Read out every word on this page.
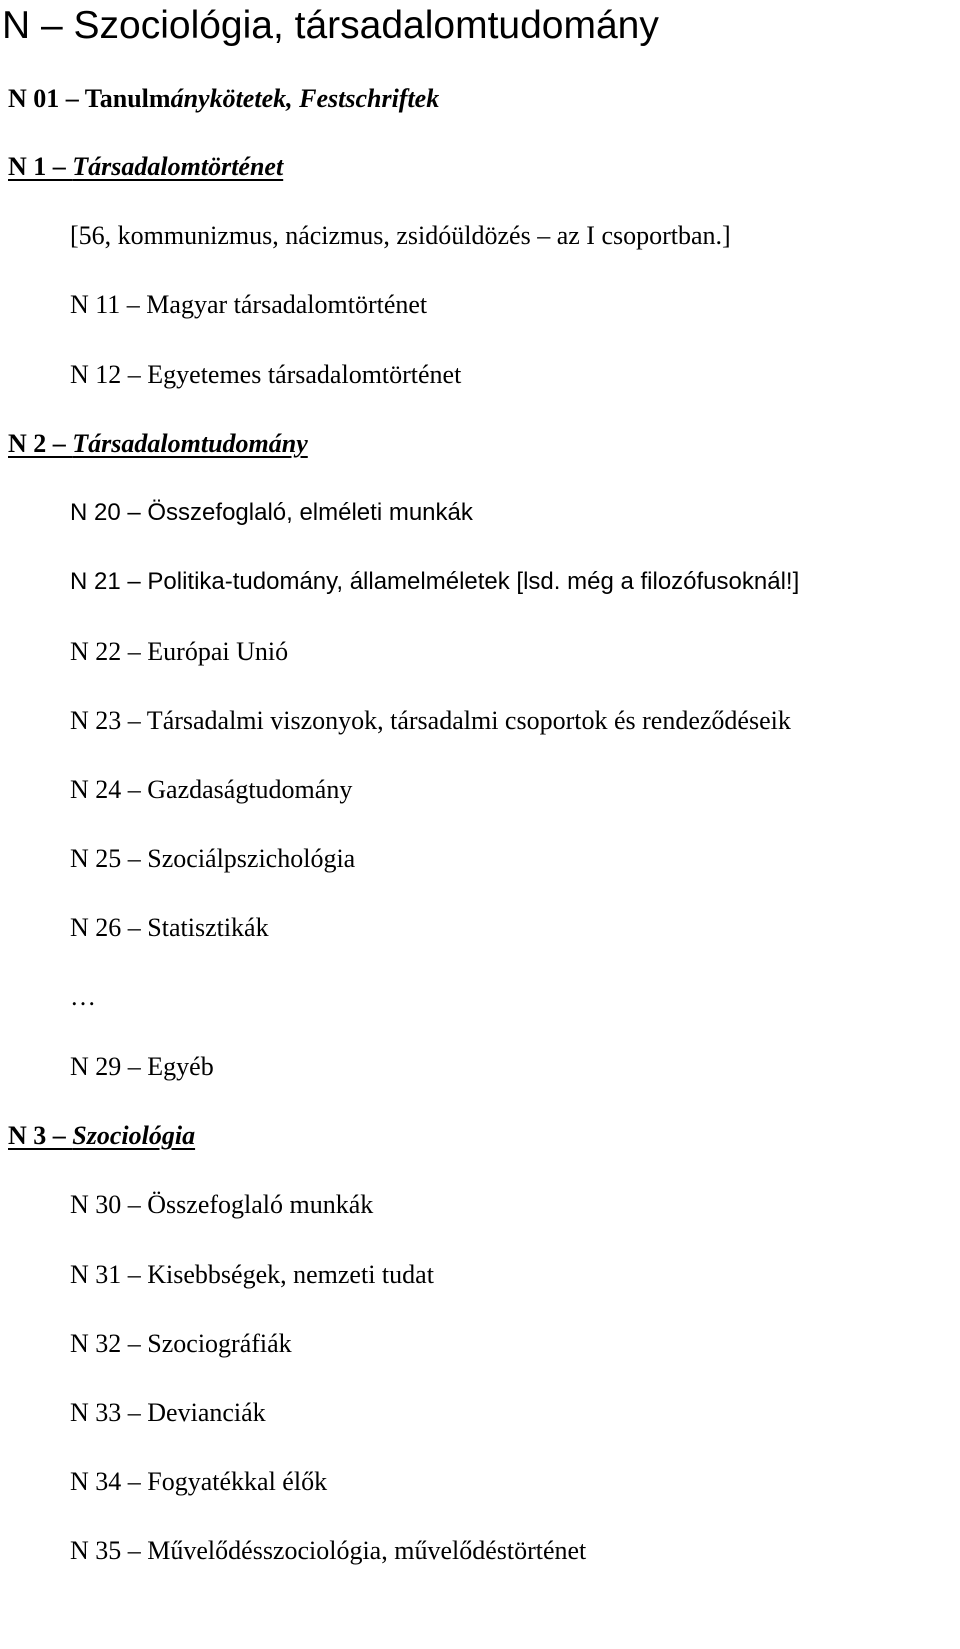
N – Szociológia, társadalomtudomány
N 01 – Tanulmánykötetek, Festschriftek
N 1 – Társadalomtörténet
[56, kommunizmus, nácizmus, zsidóüldözés – az I csoportban.]
N 11 – Magyar társadalomtörténet
N 12 – Egyetemes társadalomtörténet
N 2 – Társadalomtudomány
N 20 – Összefoglaló, elméleti munkák
N 21 – Politika-tudomány, államelméletek [lsd. még a filozófusoknál!]
N 22 – Európai Unió
N 23 – Társadalmi viszonyok, társadalmi csoportok és rendeződéseik
N 24 – Gazdaságtudomány
N 25 – Szociálpszichológia
N 26 – Statisztikák
…
N 29 – Egyéb
N 3 – Szociológia
N 30 – Összefoglaló munkák
N 31 – Kisebbségek, nemzeti tudat
N 32 – Szociográfiák
N 33 – Devianciák
N 34 – Fogyatékkal élők
N 35 – Művelődésszociológia, művelődéstörténet
